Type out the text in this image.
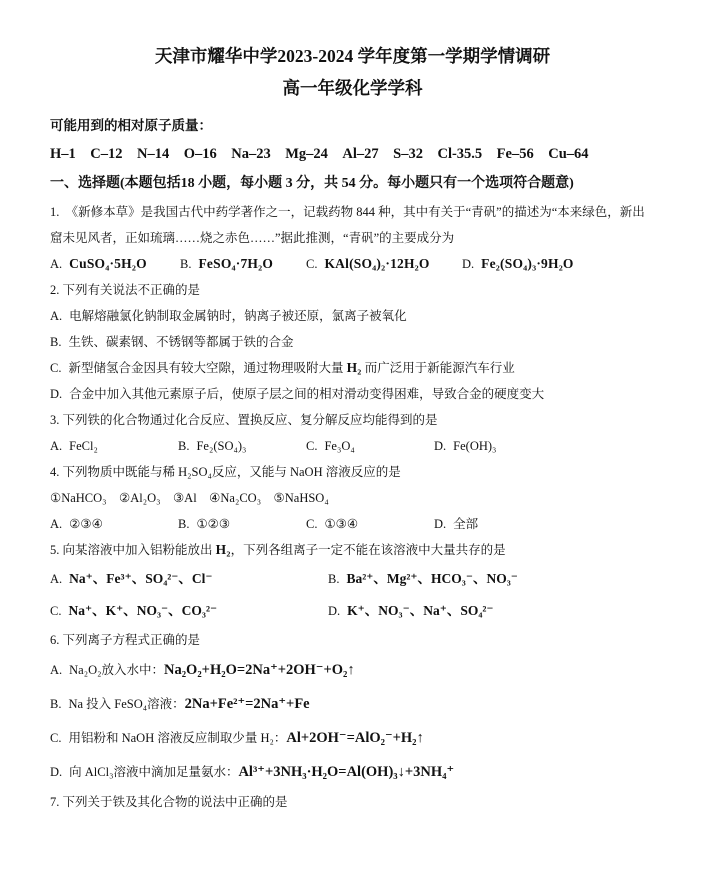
天津市耀华中学2023-2024 学年度第一学期学情调研
高一年级化学学科

可能用到的相对原子质量：

H–1　C–12　N–14　O–16　Na–23　Mg–24　Al–27　S–32　Cl-35.5　Fe–56　Cu–64

一、选择题(本题包括18 小题，每小题 3 分，共 54 分。每小题只有一个选项符合题意)

1.　《新修本草》是我国古代中药学著作之一，记载药物 844 种，其中有关于“青矾”的描述为“本来绿色，新出窟未见风者，正如琉璃……烧之赤色……”据此推测，“青矾”的主要成分为

A. CuSO₄·5H₂O	B. FeSO₄·7H₂O	C. KAl(SO₄)₂·12H₂O	D. Fe₂(SO₄)₃·9H₂O

2. 下列有关说法不正确的是

A. 电解熔融氯化钠制取金属钠时，钠离子被还原，氯离子被氧化

B. 生铁、碳素钢、不锈钢等都属于铁的合金

C. 新型储氢合金因具有较大空隙，通过物理吸附大量 H₂ 而广泛用于新能源汽车行业

D. 合金中加入其他元素原子后，使原子层之间的相对滑动变得困难，导致合金的硬度变大

3. 下列铁的化合物通过化合反应、置换反应、复分解反应均能得到的是

A. FeCl₂	B. Fe₂(SO₄)₃	C. Fe₃O₄	D. Fe(OH)₃

4. 下列物质中既能与稀 H₂SO₄反应，又能与 NaOH 溶液反应的是

①NaHCO₃　②Al₂O₃　③Al　④Na₂CO₃　⑤NaHSO₄

A. ②③④	B. ①②③	C. ①③④	D. 全部

5. 向某溶液中加入铝粉能放出 H₂，下列各组离子一定不能在该溶液中大量共存的是

A. Na⁺、Fe³⁺、SO₄²⁻、Cl⁻	B. Ba²⁺、Mg²⁺、HCO₃⁻、NO₃⁻
C. Na⁺、K⁺、NO₃⁻、CO₃²⁻	D. K⁺、NO₃⁻、Na⁺、SO₄²⁻

6. 下列离子方程式正确的是

A. Na₂O₂放入水中：Na₂O₂+H₂O=2Na⁺+2OH⁻+O₂↑

B. Na 投入 FeSO₄溶液：2Na+Fe²⁺=2Na⁺+Fe

C. 用铝粉和 NaOH 溶液反应制取少量 H₂：Al+2OH⁻=AlO₂⁻+H₂↑

D. 向 AlCl₃溶液中滴加足量氨水：Al³⁺+3NH₃·H₂O=Al(OH)₃↓+3NH₄⁺

7. 下列关于铁及其化合物的说法中正确的是
